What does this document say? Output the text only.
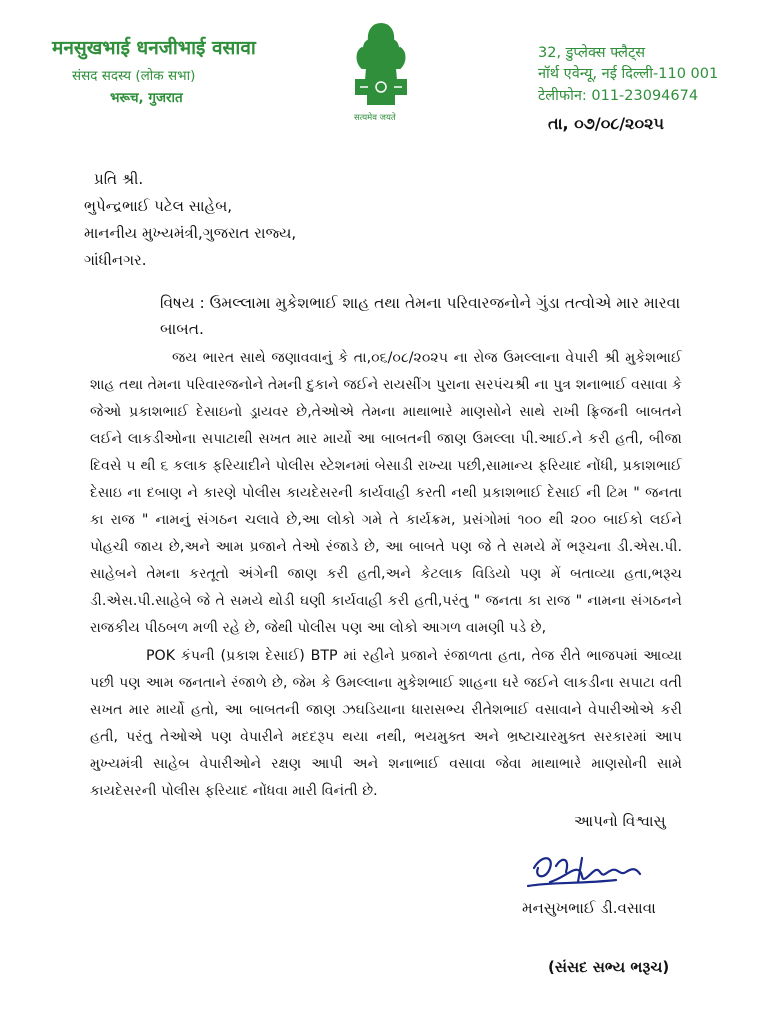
मनसुखभाई धनजीभाई वसावा
संसद सदस्य (लोक सभा)
भरूच, गुजरात
सत्यमेव जयते
32, डुप्लेक्स फ्लैट्स
नॉर्थ एवेन्यू, नई दिल्ली-110 001
टेलीफोन: 011-23094674
તા, ૦૭/૦૮/૨૦૨૫
પ્રતિ શ્રી.
ભુપેન્દ્રભાઈ પટેલ સાહેબ,
માનનીય મુખ્યમંત્રી,ગુજરાત રાજ્ય,
ગાંધીનગર.
વિષય : ઉમલ્લામા મુકેશભાઈ શાહ તથા તેમના પરિવારજનોને ગુંડા તત્વોએ માર મારવા બાબત.

જય ભારત સાથે જણાવવાનું કે તા,૦૬/૦૮/૨૦૨૫ ના રોજ ઉમલ્લાના વેપારી શ્રી મુકેશભાઈ શાહ તથા તેમના પરિવારજનોને તેમની દુકાને જઈને રાયસીંગ પુરાના સરપંચશ્રી ના પુત્ર શનાભાઈ વસાવા કે જેઓ પ્રકાશભાઈ દેસાઇનો ડ્રાયવર છે,તેઓએ તેમના માથાભારે માણસોને સાથે રાખી ફ્રિજની બાબતને લઈને લાકડીઓના સપાટાથી સખત માર માર્યો આ બાબતની જાણ ઉમલ્લા પી.આઈ.ને કરી હતી, બીજા દિવસે ૫ થી ૬ કલાક ફરિયાદીને પોલીસ સ્ટેશનમાં બેસાડી રાખ્યા પછી,સામાન્ય ફરિયાદ નોંધી, પ્રકાશભાઈ દેસાઇ ના દબાણ ને કારણે પોલીસ કાયદેસરની કાર્યવાહી કરતી નથી પ્રકાશભાઈ દેસાઈ ની ટિમ " જનતા કા રાજ " નામનું સંગઠન ચલાવે છે,આ લોકો ગમે તે કાર્યક્રમ, પ્રસંગોમાં ૧૦૦ થી ૨૦૦ બાઈકો લઈને પોહચી જાય છે,અને આમ પ્રજાને તેઓ રંજાડે છે, આ બાબતે પણ જે તે સમયે મેં ભરૂચના ડી.એસ.પી. સાહેબને તેમના કરતૂતો અંગેની જાણ કરી હતી,અને કેટલાક વિડિયો પણ મેં બતાવ્યા હતા,ભરૂચ ડી.એસ.પી.સાહેબે જે તે સમયે થોડી ઘણી કાર્યવાહી કરી હતી,પરંતુ " જનતા કા રાજ " નામના સંગઠનને રાજકીય પીઠબળ મળી રહે છે, જેથી પોલીસ પણ આ લોકો આગળ વામણી પડે છે,

POK કંપની (પ્રકાશ દેસાઈ) BTP માં રહીને પ્રજાને રંજાળતા હતા, તેજ રીતે ભાજપમાં આવ્યા પછી પણ આમ જનતાને રંજાળે છે, જેમ કે ઉમલ્લાના મુકેશભાઈ શાહના ઘરે જઈને લાકડીના સપાટા વતી સખત માર માર્યો હતો, આ બાબતની જાણ ઝઘડિયાના ધારાસભ્ય રીતેશભાઈ વસાવાને વેપારીઓએ કરી હતી, પરંતુ તેઓએ પણ વેપારીને મદદરૂપ થયા નથી, ભયમુક્ત અને ભ્રષ્ટાચારમુક્ત સરકારમાં આપ મુખ્યમંત્રી સાહેબ વેપારીઓને રક્ષણ આપી અને શનાભાઈ વસાવા જેવા માથાભારે માણસોની સામે કાયદેસરની પોલીસ ફરિયાદ નોંધવા મારી વિનંતી છે.

આપનો વિશ્વાસુ
મનસુખભાઈ ડી.વસાવા
(સંસદ સભ્ય ભરૂચ)
